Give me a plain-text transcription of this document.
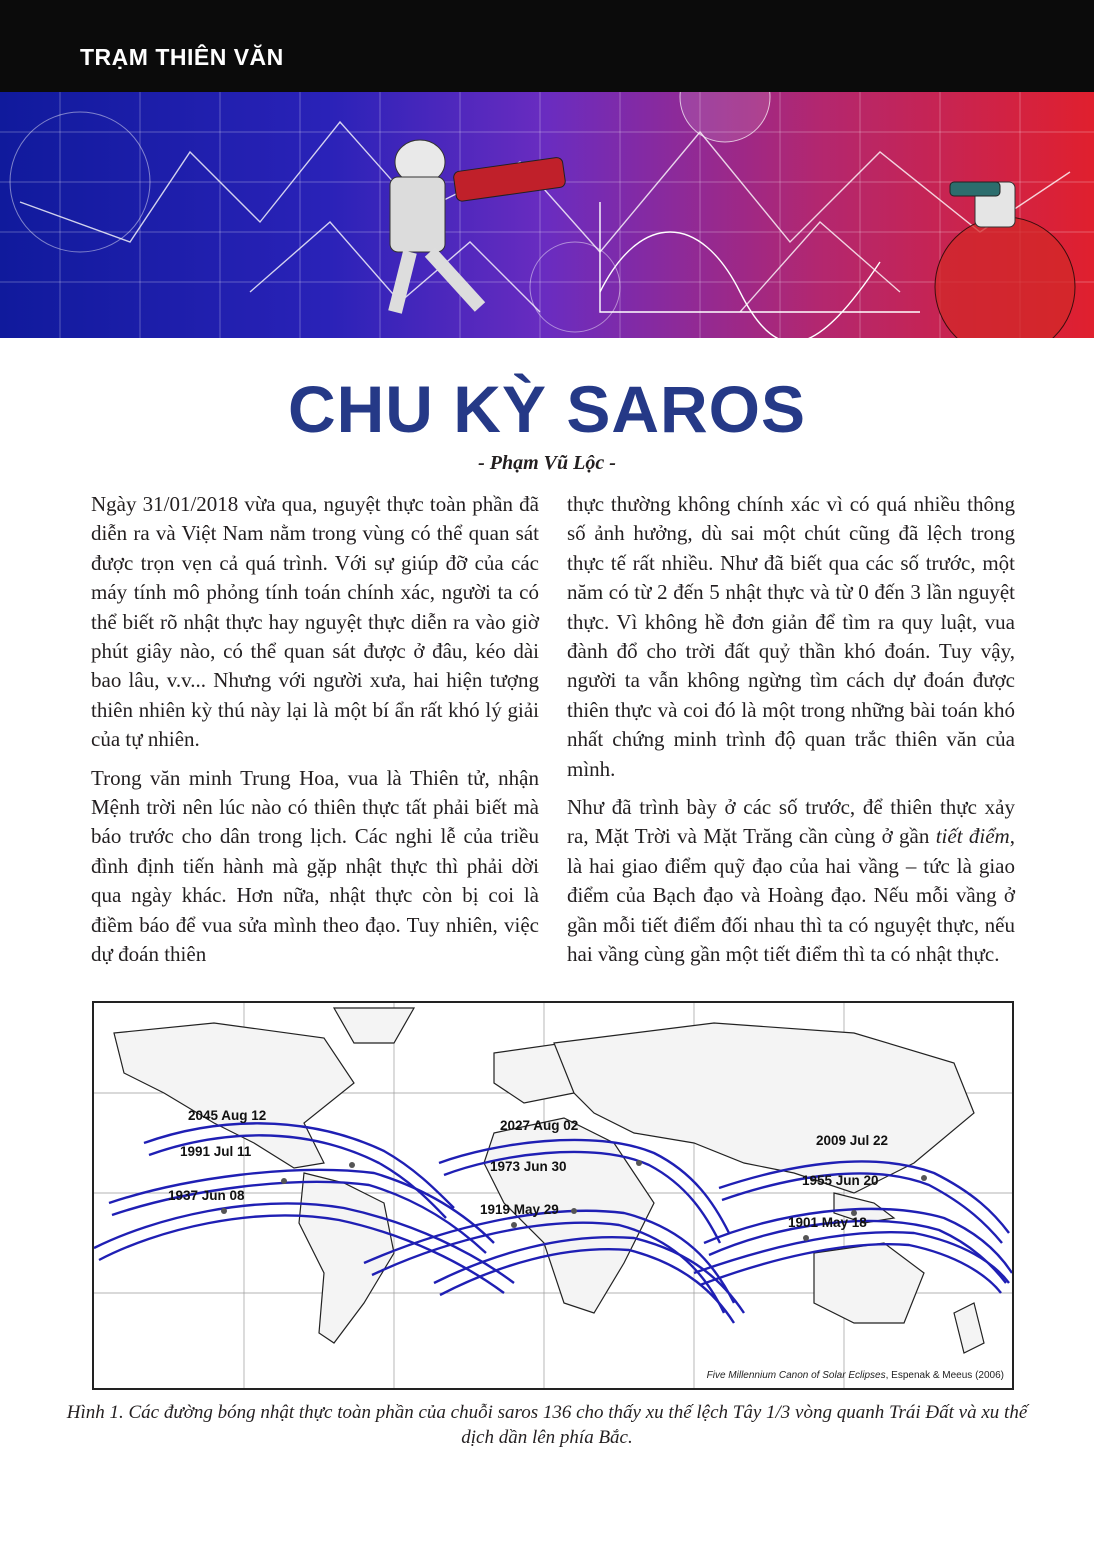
TRẠM THIÊN VĂN
CHU KỲ SAROS
- Phạm Vũ Lộc -

Ngày 31/01/2018 vừa qua, nguyệt thực toàn phần đã diễn ra và Việt Nam nằm trong vùng có thể quan sát được trọn vẹn cả quá trình. Với sự giúp đỡ của các máy tính mô phỏng tính toán chính xác, người ta có thể biết rõ nhật thực hay nguyệt thực diễn ra vào giờ phút giây nào, có thể quan sát được ở đâu, kéo dài bao lâu, v.v... Nhưng với người xưa, hai hiện tượng thiên nhiên kỳ thú này lại là một bí ẩn rất khó lý giải của tự nhiên.

Trong văn minh Trung Hoa, vua là Thiên tử, nhận Mệnh trời nên lúc nào có thiên thực tất phải biết mà báo trước cho dân trong lịch. Các nghi lễ của triều đình định tiến hành mà gặp nhật thực thì phải dời qua ngày khác. Hơn nữa, nhật thực còn bị coi là điềm báo để vua sửa mình theo đạo. Tuy nhiên, việc dự đoán thiên

thực thường không chính xác vì có quá nhiều thông số ảnh hưởng, dù sai một chút cũng đã lệch trong thực tế rất nhiều. Như đã biết qua các số trước, một năm có từ 2 đến 5 nhật thực và từ 0 đến 3 lần nguyệt thực. Vì không hề đơn giản để tìm ra quy luật, vua đành đổ cho trời đất quỷ thần khó đoán. Tuy vậy, người ta vẫn không ngừng tìm cách dự đoán được thiên thực và coi đó là một trong những bài toán khó nhất chứng minh trình độ quan trắc thiên văn của mình.

Như đã trình bày ở các số trước, để thiên thực xảy ra, Mặt Trời và Mặt Trăng cần cùng ở gần tiết điểm, là hai giao điểm quỹ đạo của hai vầng – tức là giao điểm của Bạch đạo và Hoàng đạo. Nếu mỗi vầng ở gần mỗi tiết điểm đối nhau thì ta có nguyệt thực, nếu hai vầng cùng gần một tiết điểm thì ta có nhật thực.

2045 Aug 12
1991 Jul 11
1937 Jun 08
2027 Aug 02
1973 Jun 30
1919 May 29
2009 Jul 22
1955 Jun 20
1901 May 18
Five Millennium Canon of Solar Eclipses, Espenak & Meeus (2006)
Hình 1. Các đường bóng nhật thực toàn phần của chuỗi saros 136 cho thấy xu thế lệch Tây 1/3 vòng quanh Trái Đất và xu thế dịch dần lên phía Bắc.
